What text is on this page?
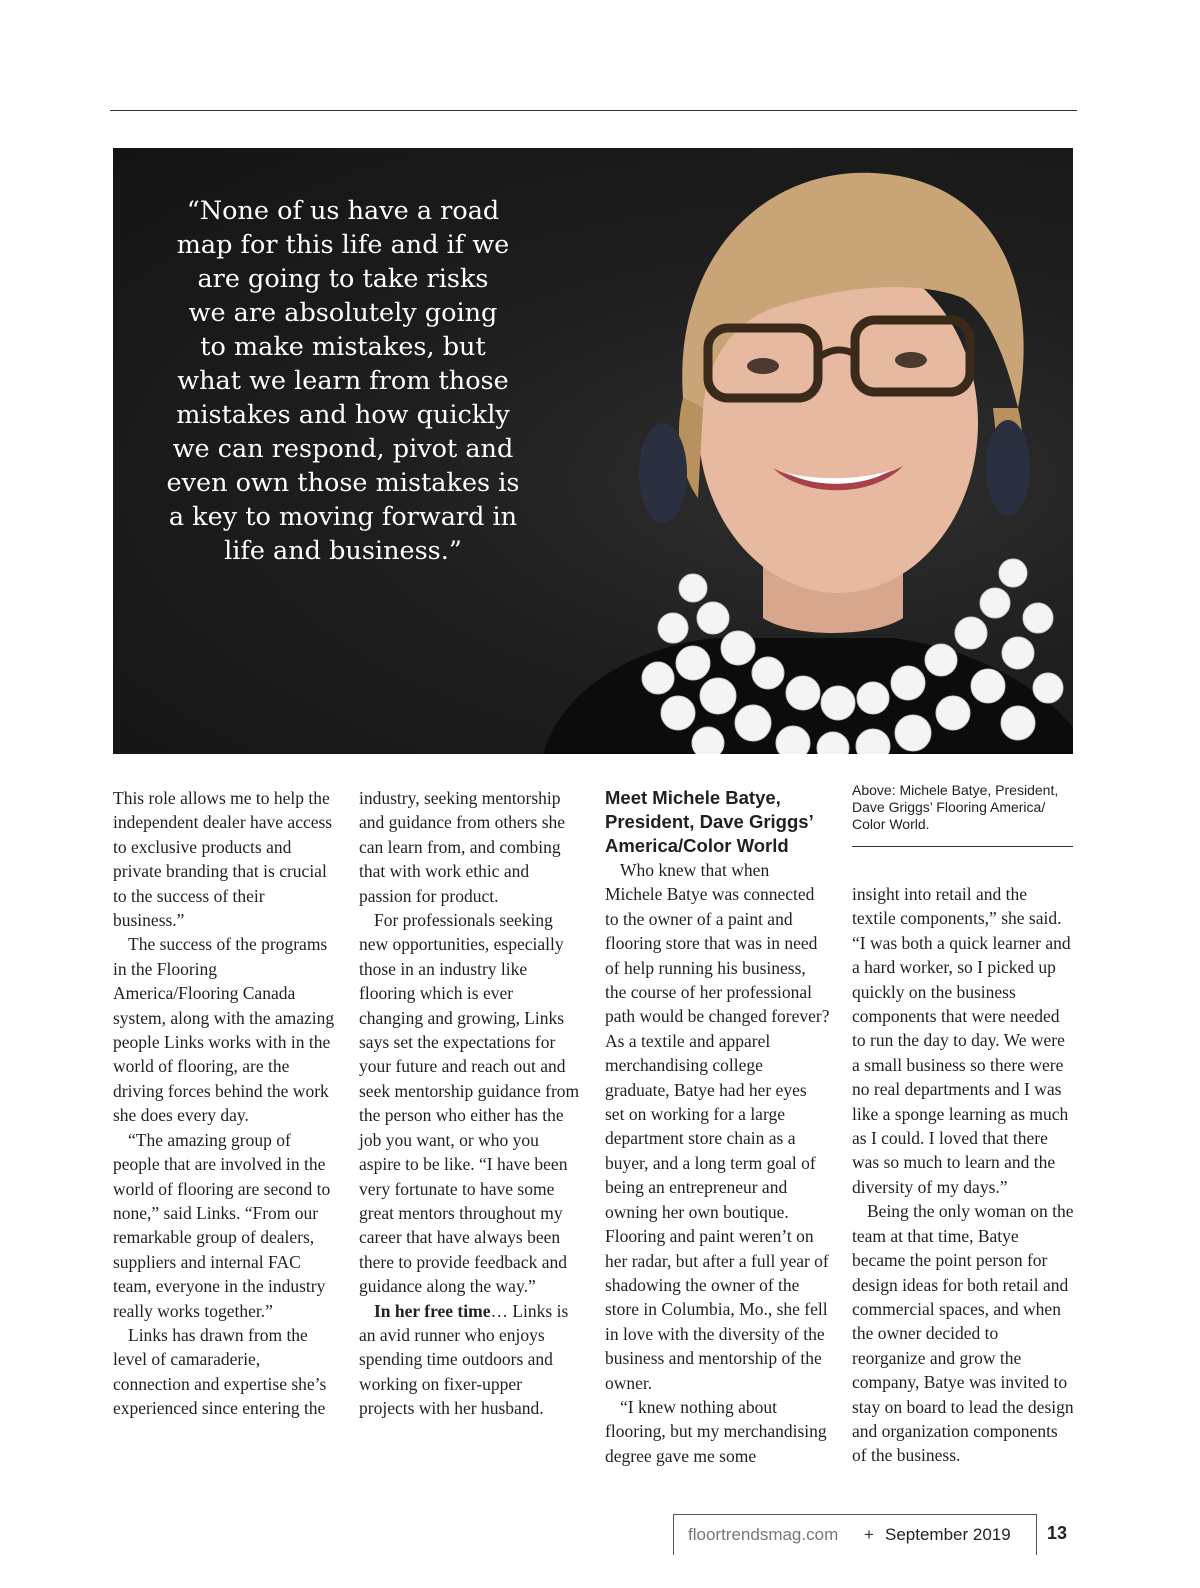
“None of us have a road
map for this life and if we
are going to take risks
we are absolutely going
to make mistakes, but
what we learn from those
mistakes and how quickly
we can respond, pivot and
even own those mistakes is
a key to moving forward in
life and business.”

This role allows me to help the independent dealer have access to exclusive products and private branding that is crucial to the success of their business.”

The success of the programs in the Flooring America/Flooring Canada system, along with the amazing people Links works with in the world of flooring, are the driving forces behind the work she does every day.

“The amazing group of people that are involved in the world of flooring are second to none,” said Links. “From our remarkable group of dealers, suppliers and internal FAC team, everyone in the industry really works together.”

Links has drawn from the level of camaraderie, connection and expertise she’s experienced since entering the

industry, seeking mentorship and guidance from others she can learn from, and combing that with work ethic and passion for product.

For professionals seeking new opportunities, especially those in an industry like flooring which is ever changing and growing, Links says set the expectations for your future and reach out and seek mentorship guidance from the person who either has the job you want, or who you aspire to be like. “I have been very fortunate to have some great mentors throughout my career that have always been there to provide feedback and guidance along the way.”

In her free time… Links is an avid runner who enjoys spending time outdoors and working on fixer-upper projects with her husband.

Meet Michele Batye, President, Dave Griggs’ America/Color World

Who knew that when Michele Batye was connected to the owner of a paint and flooring store that was in need of help running his business, the course of her professional path would be changed forever? As a textile and apparel merchandising college graduate, Batye had her eyes set on working for a large department store chain as a buyer, and a long term goal of being an entrepreneur and owning her own boutique. Flooring and paint weren’t on her radar, but after a full year of shadowing the owner of the store in Columbia, Mo., she fell in love with the diversity of the business and mentorship of the owner.

“I knew nothing about flooring, but my merchandising degree gave me some

Above: Michele Batye, President,
Dave Griggs’ Flooring America/
Color World.

insight into retail and the textile components,” she said. “I was both a quick learner and a hard worker, so I picked up quickly on the business components that were needed to run the day to day. We were a small business so there were no real departments and I was like a sponge learning as much as I could. I loved that there was so much to learn and the diversity of my days.”

Being the only woman on the team at that time, Batye became the point person for design ideas for both retail and commercial spaces, and when the owner decided to reorganize and grow the company, Batye was invited to stay on board to lead the design and organization components of the business.

floortrendsmag.com + September 2019 13
